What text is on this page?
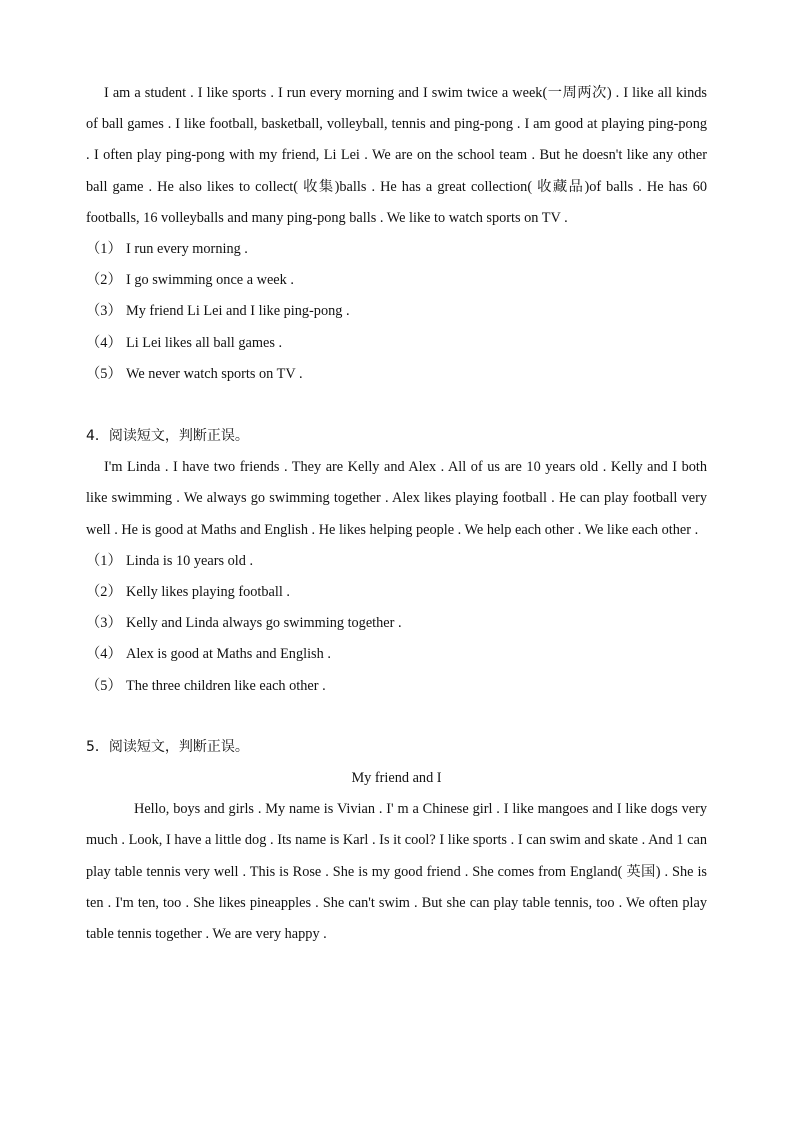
I am a student . I like sports . I run every morning and I swim twice a week(一周两次) . I like all kinds of ball games . I like football, basketball, volleyball, tennis and ping-pong . I am good at playing ping-pong . I often play ping-pong with my friend, Li Lei . We are on the school team . But he doesn't like any other ball game . He also likes to collect( 收集)balls . He has a great collection( 收藏品)of balls . He has 60 footballs, 16 volleyballs and many ping-pong balls . We like to watch sports on TV .

（1） I run every morning .

（2） I go swimming once a week .

（3） My friend Li Lei and I like ping-pong .

（4） Li Lei likes all ball games .

（5） We never watch sports on TV .

4．阅读短文，判断正误。

I'm Linda . I have two friends . They are Kelly and Alex . All of us are 10 years old . Kelly and I both like swimming . We always go swimming together . Alex likes playing football . He can play football very well . He is good at Maths and English . He likes helping people . We help each other . We like each other .

（1） Linda is 10 years old .

（2） Kelly likes playing football .

（3） Kelly and Linda always go swimming together .

（4） Alex is good at Maths and English .

（5） The three children like each other .

5．阅读短文，判断正误。

My friend and I

Hello, boys and girls . My name is Vivian . I' m a Chinese girl . I like mangoes and I like dogs very much . Look, I have a little dog . Its name is Karl . Is it cool? I like sports . I can swim and skate . And 1 can play table tennis very well . This is Rose . She is my good friend . She comes from England( 英国) . She is ten . I'm ten, too . She likes pineapples . She can't swim . But she can play table tennis, too . We often play table tennis together . We are very happy .
